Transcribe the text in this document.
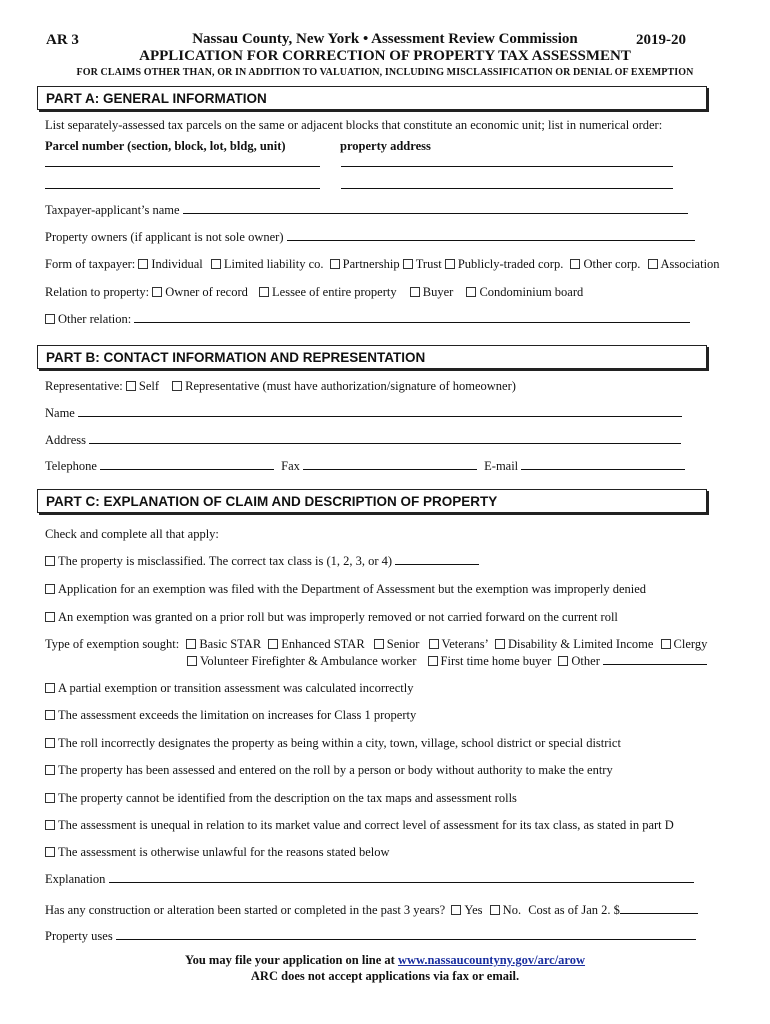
AR 3	Nassau County, New York • Assessment Review Commission	2019-20
APPLICATION FOR CORRECTION OF PROPERTY TAX ASSESSMENT
FOR CLAIMS OTHER THAN, OR IN ADDITION TO VALUATION, INCLUDING MISCLASSIFICATION OR DENIAL OF EXEMPTION
PART A: GENERAL INFORMATION
List separately-assessed tax parcels on the same or adjacent blocks that constitute an economic unit; list in numerical order:
Parcel number (section, block, lot, bldg, unit)	property address

Taxpayer-applicant’s name
Property owners (if applicant is not sole owner)
Form of taxpayer: Individual Limited liability co. Partnership Trust Publicly-traded corp. Other corp. Association
Relation to property: Owner of record Lessee of entire property Buyer Condominium board
Other relation:
PART B: CONTACT INFORMATION AND REPRESENTATION
Representative: Self Representative (must have authorization/signature of homeowner)
Name
Address
Telephone	Fax	E-mail
PART C: EXPLANATION OF CLAIM AND DESCRIPTION OF PROPERTY
Check and complete all that apply:
The property is misclassified. The correct tax class is (1, 2, 3, or 4)
Application for an exemption was filed with the Department of Assessment but the exemption was improperly denied
An exemption was granted on a prior roll but was improperly removed or not carried forward on the current roll
Type of exemption sought: Basic STAR Enhanced STAR Senior Veterans’ Disability & Limited Income Clergy
Volunteer Firefighter & Ambulance worker First time home buyer Other
A partial exemption or transition assessment was calculated incorrectly
The assessment exceeds the limitation on increases for Class 1 property
The roll incorrectly designates the property as being within a city, town, village, school district or special district
The property has been assessed and entered on the roll by a person or body without authority to make the entry
The property cannot be identified from the description on the tax maps and assessment rolls
The assessment is unequal in relation to its market value and correct level of assessment for its tax class, as stated in part D
The assessment is otherwise unlawful for the reasons stated below
Explanation
Has any construction or alteration been started or completed in the past 3 years? Yes No. Cost as of Jan 2. $
Property uses
You may file your application on line at www.nassaucountyny.gov/arc/arow
ARC does not accept applications via fax or email.
